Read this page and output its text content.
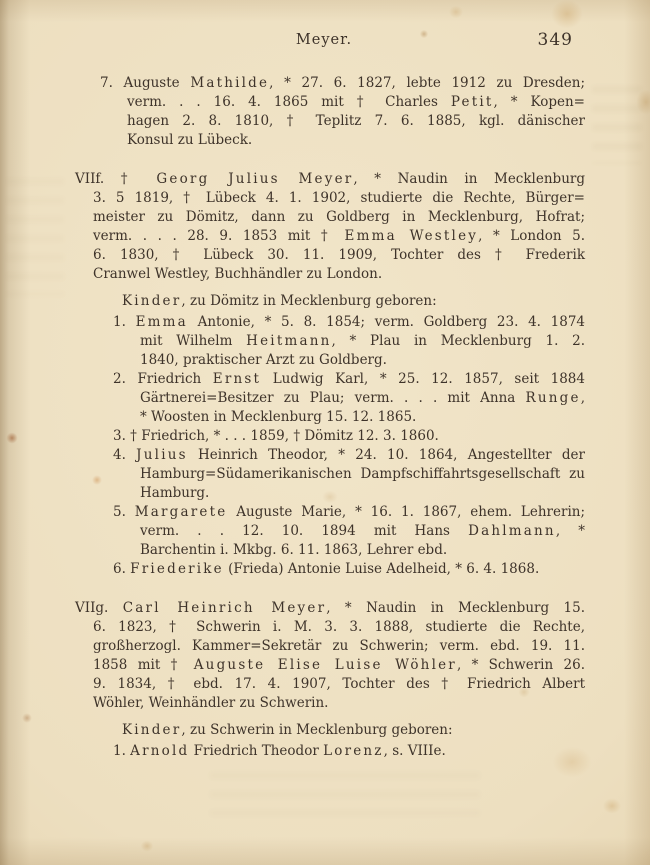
Meyer.	349
7. Auguste Mathilde, * 27. 6. 1827, lebte 1912 zu Dresden;
verm. . . 16. 4. 1865 mit † Charles Petit, * Kopen=
hagen 2. 8. 1810, † Teplitz 7. 6. 1885, kgl. dänischer
Konsul zu Lübeck.
VIIf. † Georg Julius Meyer, * Naudin in Mecklenburg
3. 5 1819, † Lübeck 4. 1. 1902, studierte die Rechte, Bürger=
meister zu Dömitz, dann zu Goldberg in Mecklenburg, Hofrat;
verm. . . . 28. 9. 1853 mit † Emma Westley, * London 5.
6. 1830, † Lübeck 30. 11. 1909, Tochter des † Frederik
Cranwel Westley, Buchhändler zu London.
Kinder, zu Dömitz in Mecklenburg geboren:
1. Emma Antonie, * 5. 8. 1854; verm. Goldberg 23. 4. 1874
mit Wilhelm Heitmann, * Plau in Mecklenburg 1. 2.
1840, praktischer Arzt zu Goldberg.
2. Friedrich Ernst Ludwig Karl, * 25. 12. 1857, seit 1884
Gärtnerei=Besitzer zu Plau; verm. . . . mit Anna Runge,
* Woosten in Mecklenburg 15. 12. 1865.
3. † Friedrich, * . . . 1859, † Dömitz 12. 3. 1860.
4. Julius Heinrich Theodor, * 24. 10. 1864, Angestellter der
Hamburg=Südamerikanischen Dampfschiffahrtsgesellschaft zu
Hamburg.
5. Margarete Auguste Marie, * 16. 1. 1867, ehem. Lehrerin;
verm. . . 12. 10. 1894 mit Hans Dahlmann, *
Barchentin i. Mkbg. 6. 11. 1863, Lehrer ebd.
6. Friederike (Frieda) Antonie Luise Adelheid, * 6. 4. 1868.
VIIg. Carl Heinrich Meyer, * Naudin in Mecklenburg 15.
6. 1823, † Schwerin i. M. 3. 3. 1888, studierte die Rechte,
großherzogl. Kammer=Sekretär zu Schwerin; verm. ebd. 19. 11.
1858 mit † Auguste Elise Luise Wöhler, * Schwerin 26.
9. 1834, † ebd. 17. 4. 1907, Tochter des † Friedrich Albert
Wöhler, Weinhändler zu Schwerin.
Kinder, zu Schwerin in Mecklenburg geboren:
1. Arnold Friedrich Theodor Lorenz, s. VIIIe.
